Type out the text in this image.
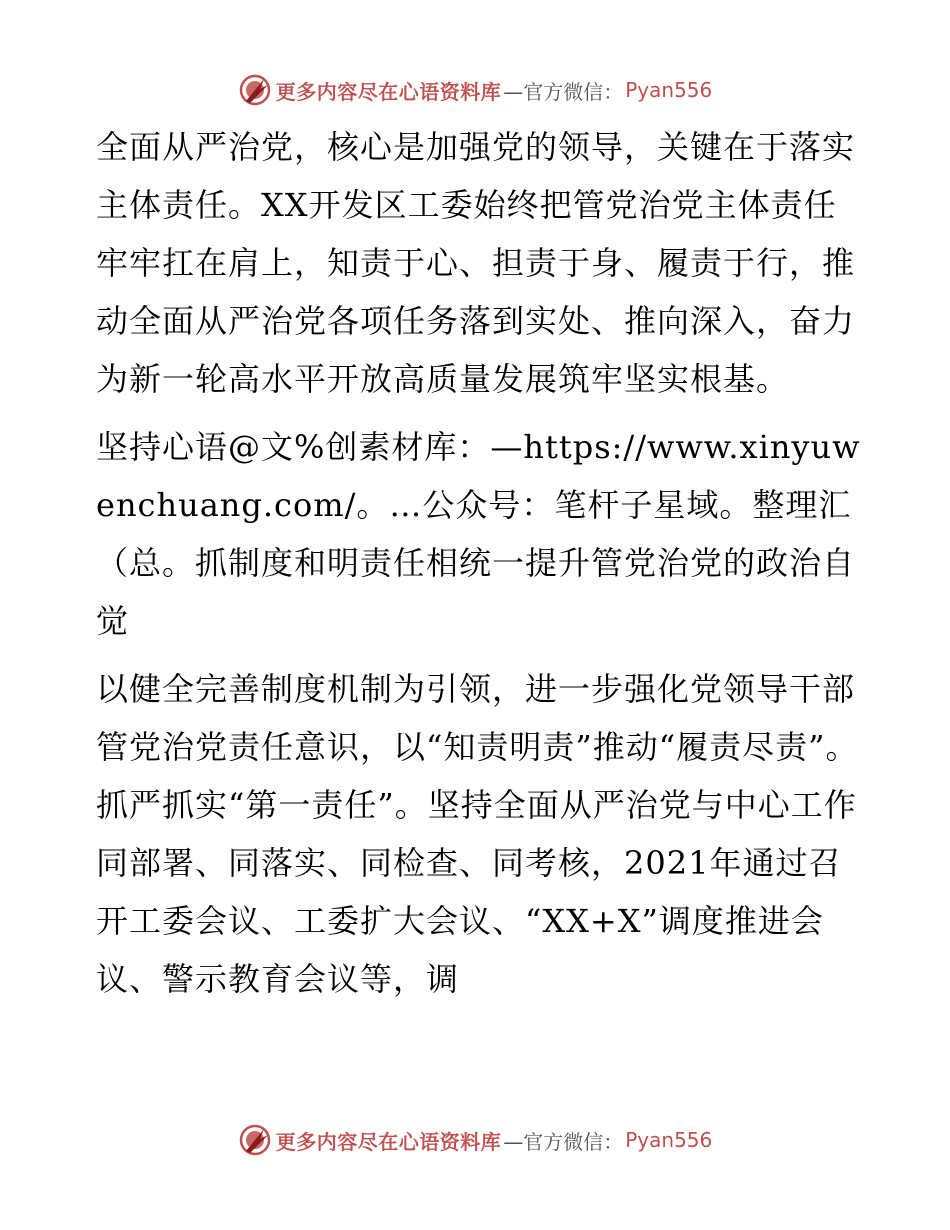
更多内容尽在心语资料库 —官方微信： Pyan556

全面从严治党，核心是加强党的领导，关键在于落实主体责任。XX开发区工委始终把管党治党主体责任牢牢扛在肩上，知责于心、担责于身、履责于行，推动全面从严治党各项任务落到实处、推向深入，奋力为新一轮高水平开放高质量发展筑牢坚实根基。

坚持心语@文%创素材库：—https://www.xinyuwenchuang.com/。…公众号：笔杆子星域。整理汇（总。抓制度和明责任相统一提升管党治党的政治自觉

以健全完善制度机制为引领，进一步强化党领导干部管党治党责任意识，以“知责明责”推动“履责尽责”。抓严抓实“第一责任”。坚持全面从严治党与中心工作同部署、同落实、同检查、同考核，2021年通过召开工委会议、工委扩大会议、“XX+X”调度推进会议、警示教育会议等，调

更多内容尽在心语资料库 —官方微信： Pyan556
